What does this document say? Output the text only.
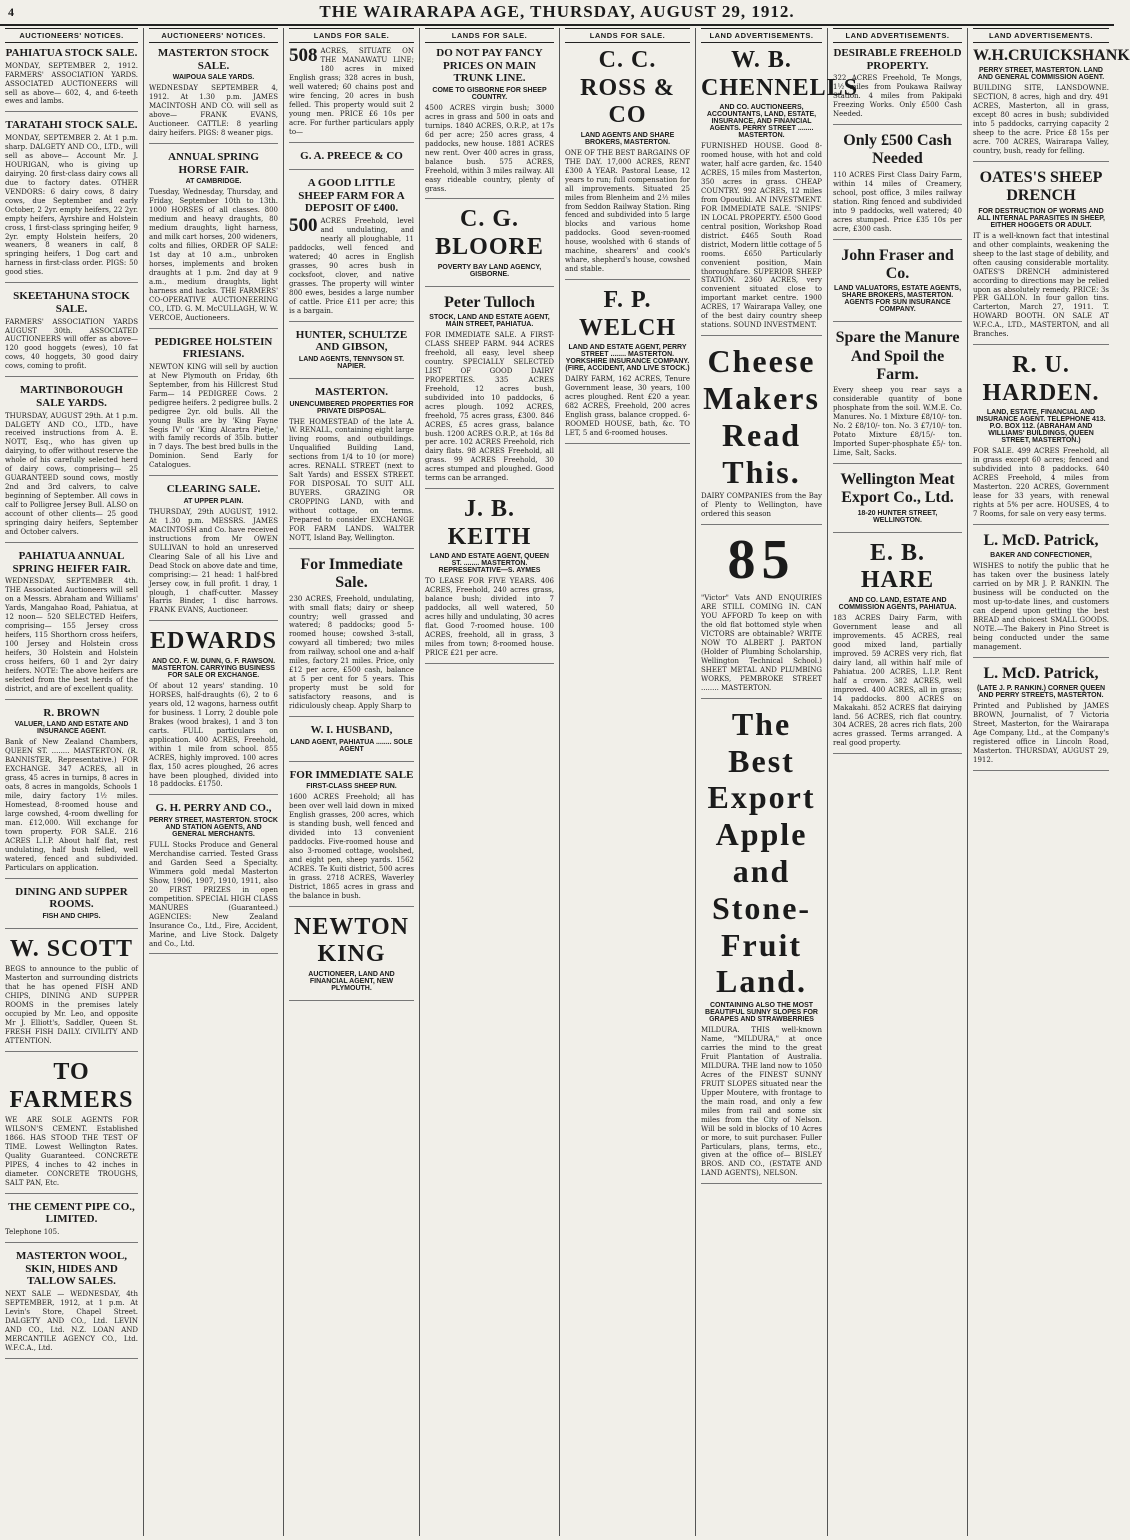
4	THE WAIRARAPA AGE, THURSDAY, AUGUST 29, 1912.
AUCTIONEERS' NOTICES.
PAHIATUA STOCK SALE.
MONDAY, SEPTEMBER 2, 1912. FARMERS' ASSOCIATION YARDS. ASSOCIATED AUCTIONEERS will sell as above— 602, 4, and 6-teeth ewes and lambs.
TARATAHI STOCK SALE.
MONDAY, SEPTEMBER 2. At 1 p.m. sharp. DALGETY AND CO., LTD., will sell as above— Account Mr. J. HOURIGAN, who is giving up dairying. 20 first-class dairy cows all due to factory dates. OTHER VENDORS: 6 dairy cows, 8 dairy cows, due September and early October, 2 2yr. empty heifers, 22 2yr. empty heifers, Ayrshire and Holstein cross, 1 first-class springing heifer, 9 2yr. empty Holstein heifers, 20 weaners, 8 weaners in calf, 8 springing heifers, 1 Dog cart and harness in first-class order. PIGS: 50 good sties.
SKEETAHUNA STOCK SALE.
FARMERS' ASSOCIATION YARDS AUGUST 30th. ASSOCIATED AUCTIONEERS will offer as above— 120 good hoggets (ewes), 10 fat cows, 40 hoggets, 30 good dairy cows, coming to profit.
MARTINBOROUGH SALE YARDS.
THURSDAY, AUGUST 29th. At 1 p.m. DALGETY AND CO., LTD., have received instructions from A. E. NOTT, Esq., who has given up dairying, to offer without reserve the whole of his carefully selected herd of dairy cows, comprising— 25 GUARANTEED sound cows, mostly 2nd and 3rd calvers, to calve beginning of September. All cows in calf to Polligree Jersey Bull. ALSO on account of other clients— 25 good springing dairy heifers, September and October calvers.
PAHIATUA ANNUAL SPRING HEIFER FAIR.
WEDNESDAY, SEPTEMBER 4th. THE Associated Auctioneers will sell on a Messrs. Abraham and Williams' Yards, Mangahao Road, Pahiatua, at 12 noon— 520 SELECTED Heifers, comprising— 155 Jersey cross heifers, 115 Shorthorn cross heifers, 100 Jersey and Holstein cross heifers, 30 Holstein and Holstein cross heifers, 60 1 and 2yr dairy heifers. NOTE: The above heifers are selected from the best herds of the district, and are of excellent quality.
R. BROWN
VALUER, LAND AND ESTATE AND INSURANCE AGENT.
Bank of New Zealand Chambers, QUEEN ST. ........ MASTERTON. (R. BANNISTER, Representative.) FOR EXCHANGE. 347 ACRES, all in grass, 45 acres in turnips, 8 acres in oats, 8 acres in mangolds, Schools 1 mile, dairy factory 1½ miles. Homestead, 8-roomed house and large cowshed, 4-room dwelling for man. £12,000. Will exchange for town property. FOR SALE. 216 ACRES L.I.P. About half flat, rest undulating, half bush felled, well watered, fenced and subdivided. Particulars on application.
DINING AND SUPPER ROOMS.
FISH AND CHIPS.
W. SCOTT
BEGS to announce to the public of Masterton and surrounding districts that he has opened FISH AND CHIPS, DINING AND SUPPER ROOMS in the premises lately occupied by Mr. Leo, and opposite Mr J. Elliott's, Saddler, Queen St. FRESH FISH DAILY. CIVILITY AND ATTENTION.
TO FARMERS
WE ARE SOLE AGENTS FOR WILSON'S CEMENT. Established 1866. HAS STOOD THE TEST OF TIME. Lowest Wellington Rates. Quality Guaranteed. CONCRETE PIPES, 4 inches to 42 inches in diameter. CONCRETE TROUGHS, SALT PAN, Etc.
THE CEMENT PIPE CO., LIMITED.
Telephone 105.
MASTERTON WOOL, SKIN, HIDES AND TALLOW SALES.
NEXT SALE — WEDNESDAY, 4th SEPTEMBER, 1912, at 1 p.m. At Levin's Store, Chapel Street. DALGETY AND CO., Ltd. LEVIN AND CO., Ltd. N.Z. LOAN AND MERCANTILE AGENCY CO., Ltd. W.F.C.A., Ltd.
AUCTIONEERS' NOTICES.
MASTERTON STOCK SALE.
WAIPOUA SALE YARDS.
WEDNESDAY SEPTEMBER 4, 1912. At 1.30 p.m. JAMES MACINTOSH AND CO. will sell as above— FRANK EVANS, Auctioneer. CATTLE: 8 yearling dairy heifers. PIGS: 8 weaner pigs.
ANNUAL SPRING HORSE FAIR.
AT CAMBRIDGE.
Tuesday, Wednesday, Thursday, and Friday, September 10th to 13th. 1000 HORSES of all classes. 800 medium and heavy draughts, 80 medium draughts, light harness, and milk cart horses, 200 wideners, colts and fillies, ORDER OF SALE: 1st day at 10 a.m., unbroken horses, implements and broken draughts at 1 p.m. 2nd day at 9 a.m., medium draughts, light harness and hacks. THE FARMERS' CO-OPERATIVE AUCTIONEERING CO., LTD. G. M. McCULLAGH, W. W. VERCOE, Auctioneers.
PEDIGREE HOLSTEIN FRIESIANS.
NEWTON KING will sell by auction at New Plymouth on Friday, 6th September, from his Hillcrest Stud Farm— 14 PEDIGREE Cows. 2 pedigree heifers. 2 pedigree bulls. 2 pedigree 2yr. old bulls. All the young Bulls are by 'King Fayne Segis IV' or 'King Alcartra Pietje,' with family records of 35lb. butter in 7 days. The best bred bulls in the Dominion. Send Early for Catalogues.
CLEARING SALE.
AT UPPER PLAIN.
THURSDAY, 29th AUGUST, 1912. At 1.30 p.m. MESSRS. JAMES MACINTOSH and Co. have received instructions from Mr OWEN SULLIVAN to hold an unreserved Clearing Sale of all his Live and Dead Stock on above date and time, comprising:— 21 head: 1 half-bred Jersey cow, in full profit. 1 dray, 1 plough, 1 chaff-cutter. Massey Harris Binder, 1 disc harrows. FRANK EVANS, Auctioneer.
EDWARDS
AND CO. F. W. DUNN, G. F. RAWSON. MASTERTON. CARRYING BUSINESS FOR SALE OR EXCHANGE.
Of about 12 years' standing. 10 HORSES, half-draughts (6), 2 to 6 years old, 12 wagons, harness outfit for business. 1 Lorry, 2 double pole Brakes (wood brakes), 1 and 3 ton carts. FULL particulars on application. 400 ACRES, Freehold, within 1 mile from school. 855 ACRES, highly improved. 100 acres flax, 150 acres ploughed, 26 acres have been ploughed, divided into 18 paddocks. £1750.
G. H. PERRY AND CO.,
PERRY STREET, MASTERTON. STOCK AND STATION AGENTS, AND GENERAL MERCHANTS.
FULL Stocks Produce and General Merchandise carried. Tested Grass and Garden Seed a Specialty. Wimmera gold medal Masterton Show, 1906, 1907, 1910, 1911, also 20 FIRST PRIZES in open competition. SPECIAL HIGH CLASS MANURES (Guaranteed.) AGENCIES: New Zealand Insurance Co., Ltd., Fire, Accident, Marine, and Live Stock. Dalgety and Co., Ltd.
LANDS FOR SALE.
508 ACRES, SITUATE ON THE MANAWATU LINE; 180 acres in mixed English grass; 328 acres in bush, well watered; 60 chains post and wire fencing, 20 acres in bush felled. This property would suit 2 young men. PRICE £6 10s per acre. For further particulars apply to—
G. A. PREECE & CO
A GOOD LITTLE SHEEP FARM FOR A DEPOSIT OF £400.
500 ACRES Freehold, level and undulating, and nearly all ploughable, 11 paddocks, well fenced and watered; 40 acres in English grasses, 90 acres bush in cocksfoot, clover, and native grasses. The property will winter 800 ewes, besides a large number of cattle. Price £11 per acre; this is a bargain.
HUNTER, SCHULTZE AND GIBSON,
LAND AGENTS, TENNYSON ST. NAPIER.
MASTERTON.
UNENCUMBERED PROPERTIES FOR PRIVATE DISPOSAL.
THE HOMESTEAD of the late A. W. RENALL, containing eight large living rooms, and outbuildings. Unqualified Building Land, sections from 1/4 to 10 (or more) acres. RENALL STREET (next to Salt Yards) and ESSEX STREET. FOR DISPOSAL TO SUIT ALL BUYERS. GRAZING OR CROPPING LAND, with and without cottage, on terms. Prepared to consider EXCHANGE FOR FARM LANDS. WALTER NOTT, Island Bay, Wellington.
For Immediate Sale.
230 ACRES, Freehold, undulating, with small flats; dairy or sheep country; well grassed and watered; 8 paddocks; good 5-roomed house; cowshed 3-stall, cowyard all timbered; two miles from railway, school one and a-half miles, factory 21 miles. Price, only £12 per acre, £500 cash, balance at 5 per cent for 5 years. This property must be sold for satisfactory reasons, and is ridiculously cheap. Apply Sharp to
W. I. HUSBAND,
LAND AGENT, PAHIATUA ........ SOLE AGENT
FOR IMMEDIATE SALE
FIRST-CLASS SHEEP RUN.
1600 ACRES Freehold; all has been over well laid down in mixed English grasses, 200 acres, which is standing bush, well fenced and divided into 13 convenient paddocks. Five-roomed house and also 3-roomed cottage, woolshed, and eight pen, sheep yards. 1562 ACRES. Te Kuiti district, 500 acres in grass. 2718 ACRES, Waverley District, 1865 acres in grass and the balance in bush.
NEWTON KING
AUCTIONEER, LAND AND FINANCIAL AGENT, NEW PLYMOUTH.
LANDS FOR SALE.
DO NOT PAY FANCY PRICES ON MAIN TRUNK LINE.
COME TO GISBORNE FOR SHEEP COUNTRY.
4500 ACRES virgin bush; 3000 acres in grass and 500 in oats and turnips. 1840 ACRES, O.R.P., at 17s 6d per acre; 250 acres grass, 4 paddocks, new house. 1881 ACRES new rent. Over 400 acres in grass, balance bush. 575 ACRES, Freehold, within 3 miles railway. All easy rideable country, plenty of grass.
C. G. BLOORE
POVERTY BAY LAND AGENCY, GISBORNE.
Peter Tulloch
STOCK, LAND AND ESTATE AGENT, MAIN STREET, PAHIATUA.
FOR IMMEDIATE SALE. A FIRST-CLASS SHEEP FARM. 944 ACRES freehold, all easy, level sheep country. SPECIALLY SELECTED LIST OF GOOD DAIRY PROPERTIES. 335 ACRES Freehold, 12 acres bush, subdivided into 10 paddocks, 6 acres plough. 1092 ACRES, freehold, 75 acres grass, £300. 846 ACRES, £5 acres grass, balance bush. 1200 ACRES O.R.P., at 16s 8d per acre. 102 ACRES Freehold, rich dairy flats. 98 ACRES Freehold, all grass. 99 ACRES Freehold, 30 acres stumped and ploughed. Good terms can be arranged.
J. B. KEITH
LAND AND ESTATE AGENT, QUEEN ST. ........ MASTERTON. REPRESENTATIVE—S. AYMES
TO LEASE FOR FIVE YEARS. 406 ACRES, Freehold, 240 acres grass, balance bush; divided into 7 paddocks, all well watered, 50 acres hilly and undulating, 30 acres flat. Good 7-roomed house. 100 ACRES, freehold, all in grass, 3 miles from town; 8-roomed house. PRICE £21 per acre.
LANDS FOR SALE.
C. C. ROSS & CO
LAND AGENTS AND SHARE BROKERS, MASTERTON.
ONE OF THE BEST BARGAINS OF THE DAY. 17,000 ACRES, RENT £300 A YEAR. Pastoral Lease, 12 years to run; full compensation for all improvements. Situated 25 miles from Blenheim and 2½ miles from Seddon Railway Station. Ring fenced and subdivided into 5 large blocks and various home paddocks. Good seven-roomed house, woolshed with 6 stands of machine, shearers' and cook's whare, shepherd's house, cowshed and stable.
F. P. WELCH
LAND AND ESTATE AGENT, PERRY STREET ........ MASTERTON. YORKSHIRE INSURANCE COMPANY. (FIRE, ACCIDENT, AND LIVE STOCK.)
DAIRY FARM, 162 ACRES, Tenure Government lease, 30 years, 100 acres ploughed. Rent £20 a year. 682 ACRES, Freehold, 200 acres English grass, balance cropped. 6-ROOMED HOUSE, bath, &c. TO LET, 5 and 6-roomed houses.
LAND ADVERTISEMENTS.
W. B. CHENNELLS
AND CO. AUCTIONEERS, ACCOUNTANTS, LAND, ESTATE, INSURANCE, AND FINANCIAL AGENTS. PERRY STREET ........ MASTERTON.
FURNISHED HOUSE. Good 8-roomed house, with hot and cold water, half acre garden, &c. 1540 ACRES, 15 miles from Masterton, 350 acres in grass. CHEAP COUNTRY. 992 ACRES, 12 miles from Opoutiki. AN INVESTMENT. FOR IMMEDIATE SALE. 'SNIPS' IN LOCAL PROPERTY. £500 Good central position, Workshop Road district. £465 South Road district, Modern little cottage of 5 rooms. £650 Particularly convenient position, Main thoroughfare. SUPERIOR SHEEP STATION. 2360 ACRES, very convenient situated close to important market centre. 1900 ACRES, 17 Wairarapa Valley, one of the best dairy country sheep stations. SOUND INVESTMENT.
Cheese Makers Read This.
DAIRY COMPANIES from the Bay of Plenty to Wellington, have ordered this season
85
"Victor" Vats AND ENQUIRIES ARE STILL COMING IN. CAN YOU AFFORD To keep on with the old flat bottomed style when VICTORS are obtainable? WRITE NOW TO ALBERT J. PARTON (Holder of Plumbing Scholarship, Wellington Technical School.) SHEET METAL AND PLUMBING WORKS, PEMBROKE STREET ........ MASTERTON.
The Best Export Apple and Stone-Fruit Land.
CONTAINING ALSO THE MOST BEAUTIFUL SUNNY SLOPES FOR GRAPES AND STRAWBERRIES
MILDURA. THIS well-known Name, "MILDURA," at once carries the mind to the great Fruit Plantation of Australia. MILDURA. THE land now to 1050 Acres of the FINEST SUNNY FRUIT SLOPES situated near the Upper Moutere, with frontage to the main road, and only a few miles from rail and some six miles from the City of Nelson. Will be sold in blocks of 10 Acres or more, to suit purchaser. Fuller Particulars, plans, terms, etc., given at the office of— BISLEY BROS. AND CO., (ESTATE AND LAND AGENTS), NELSON.
LAND ADVERTISEMENTS.
DESIRABLE FREEHOLD PROPERTY.
322 ACRES Freehold, Te Mongs, 1½ miles from Poukawa Railway Station. 4 miles from Pakipaki Freezing Works. Only £500 Cash Needed.
Only £500 Cash Needed
110 ACRES First Class Dairy Farm, within 14 miles of Creamery, school, post office, 3 miles railway station. Ring fenced and subdivided into 9 paddocks, well watered; 40 acres stumped. Price £35 10s per acre, £300 cash.
John Fraser and Co.
LAND VALUATORS, ESTATE AGENTS, SHARE BROKERS, MASTERTON. AGENTS FOR SUN INSURANCE COMPANY.
Spare the Manure And Spoil the Farm.
Every sheep you rear says a considerable quantity of bone phosphate from the soil. W.M.E. Co. Manures. No. 1 Mixture £8/10/- ton. No. 2 £8/10/- ton. No. 3 £7/10/- ton. Potato Mixture £8/15/- ton. Imported Super-phosphate £5/- ton. Lime, Salt, Sacks.
Wellington Meat Export Co., Ltd.
18-20 HUNTER STREET, WELLINGTON.
E. B. HARE
AND CO. LAND, ESTATE AND COMMISSION AGENTS, PAHIATUA.
183 ACRES Dairy Farm, with Government lease and all improvements. 45 ACRES, real good mixed land, partially improved. 59 ACRES very rich, flat dairy land, all within half mile of Pahiatua. 200 ACRES, L.I.P. Rent half a crown. 382 ACRES, well improved. 400 ACRES, all in grass; 14 paddocks. 800 ACRES on Makakahi. 852 ACRES flat dairying land. 56 ACRES, rich flat country. 304 ACRES, 28 acres rich flats, 200 acres grassed. Terms arranged. A real good property.
LAND ADVERTISEMENTS.
W.H.CRUICKSHANK
PERRY STREET, MASTERTON. LAND AND GENERAL COMMISSION AGENT.
BUILDING SITE, LANSDOWNE. SECTION, 8 acres, high and dry. 491 ACRES, Masterton, all in grass, except 80 acres in bush; subdivided into 5 paddocks, carrying capacity 2 sheep to the acre. Price £8 15s per acre. 700 ACRES, Wairarapa Valley, country, bush, ready for felling.
OATES'S SHEEP DRENCH
FOR DESTRUCTION OF WORMS AND ALL INTERNAL PARASITES IN SHEEP, EITHER HOGGETS OR ADULT.
IT is a well-known fact that intestinal and other complaints, weakening the sheep to the last stage of debility, and often causing considerable mortality. OATES'S DRENCH administered according to directions may be relied upon as absolutely remedy. PRICE: 3s PER GALLON. In four gallon tins. Carterton, March 27, 1911. T. HOWARD BOOTH. ON SALE AT W.F.C.A., LTD., MASTERTON, and all Branches.
R. U. HARDEN.
LAND, ESTATE, FINANCIAL AND INSURANCE AGENT. TELEPHONE 413. P.O. BOX 112. (ABRAHAM AND WILLIAMS' BUILDINGS, QUEEN STREET, MASTERTON.)
FOR SALE. 499 ACRES Freehold, all in grass except 60 acres; fenced and subdivided into 8 paddocks. 640 ACRES Freehold, 4 miles from Masterton. 220 ACRES, Government lease for 33 years, with renewal rights at 5% per acre. HOUSES, 4 to 7 Rooms, for sale on very easy terms.
L. McD. Patrick,
BAKER AND CONFECTIONER,
WISHES to notify the public that he has taken over the business lately carried on by MR J. P. RANKIN. The business will be conducted on the most up-to-date lines, and customers can depend upon getting the best BREAD and choicest SMALL GOODS. NOTE.—The Bakery in Pino Street is being conducted under the same management.
L. McD. Patrick,
(LATE J. P. RANKIN.) CORNER QUEEN AND PERRY STREETS, MASTERTON.
Printed and Published by JAMES BROWN, Journalist, of 7 Victoria Street, Masterton, for the Wairarapa Age Company, Ltd., at the Company's registered office in Lincoln Road, Masterton. THURSDAY, AUGUST 29, 1912.
